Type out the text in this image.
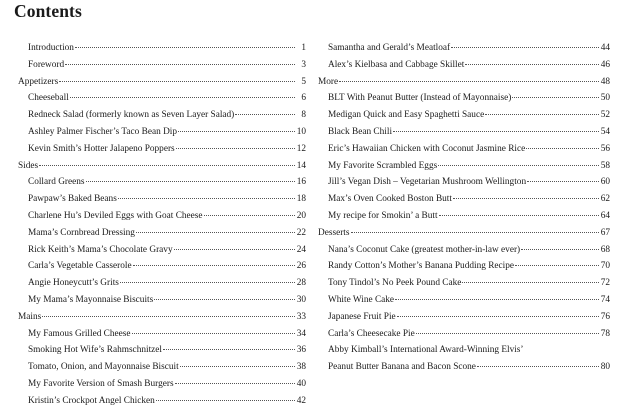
Contents
Introduction	1
Foreword	3
Appetizers	5
Cheeseball	6
Redneck Salad (formerly known as Seven Layer Salad)	8
Ashley Palmer Fischer’s Taco Bean Dip	10
Kevin Smith’s Hotter Jalapeno Poppers	12
Sides	14
Collard Greens	16
Pawpaw’s Baked Beans	18
Charlene Hu’s Deviled Eggs with Goat Cheese	20
Mama’s Cornbread Dressing	22
Rick Keith’s Mama’s Chocolate Gravy	24
Carla’s Vegetable Casserole	26
Angie Honeycutt’s Grits	28
My Mama’s Mayonnaise Biscuits	30
Mains	33
My Famous Grilled Cheese	34
Smoking Hot Wife’s Rahmschnitzel	36
Tomato, Onion, and Mayonnaise Biscuit	38
My Favorite Version of Smash Burgers	40
Kristin’s Crockpot Angel Chicken	42
Samantha and Gerald’s Meatloaf	44
Alex’s Kielbasa and Cabbage Skillet	46
More	48
BLT With Peanut Butter (Instead of Mayonnaise)	50
Medigan Quick and Easy Spaghetti Sauce	52
Black Bean Chili	54
Eric’s Hawaiian Chicken with Coconut Jasmine Rice	56
My Favorite Scrambled Eggs	58
Jill’s Vegan Dish – Vegetarian Mushroom Wellington	60
Max’s Oven Cooked Boston Butt	62
My recipe for Smokin’ a Butt	64
Desserts	67
Nana’s Coconut Cake (greatest mother-in-law ever)	68
Randy Cotton’s Mother’s Banana Pudding Recipe	70
Tony Tindol’s No Peek Pound Cake	72
White Wine Cake	74
Japanese Fruit Pie	76
Carla’s Cheesecake Pie	78
Abby Kimball’s International Award-Winning Elvis’
Peanut Butter Banana and Bacon Scone	80
